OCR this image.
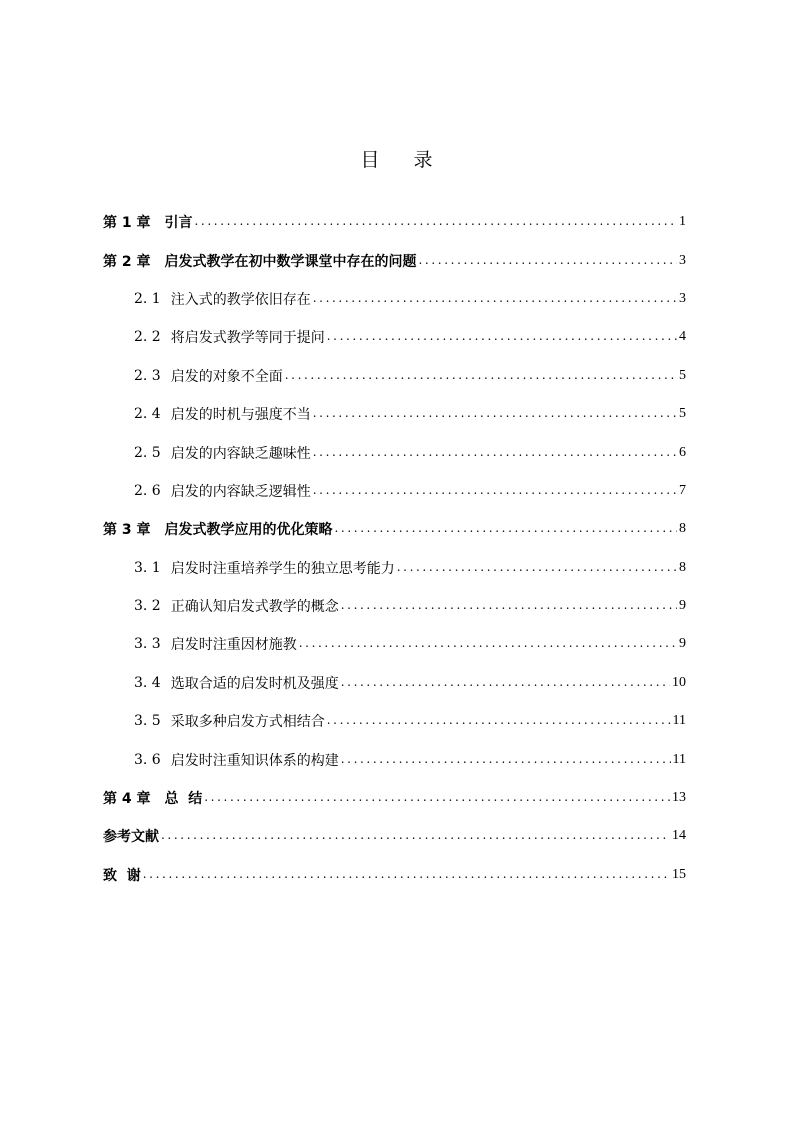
目 录
第 1 章 引言 . . .	1
第 2 章 启发式教学在初中数学课堂中存在的问题 . . .	3
2. 1 注入式的教学依旧存在 . . .	3
2. 2 将启发式教学等同于提问 . . .	4
2. 3 启发的对象不全面 . . .	5
2. 4 启发的时机与强度不当 . . .	5
2. 5 启发的内容缺乏趣味性 . . .	6
2. 6 启发的内容缺乏逻辑性 . . .	7
第 3 章 启发式教学应用的优化策略 . . .	8
3. 1 启发时注重培养学生的独立思考能力 . . .	8
3. 2 正确认知启发式教学的概念 . . .	9
3. 3 启发时注重因材施教 . . .	9
3. 4 选取合适的启发时机及强度 . . .	10
3. 5 采取多种启发方式相结合 . . .	11
3. 6 启发时注重知识体系的构建 . . .	11
第 4 章 总  结 . . .	13
参考文献 . . .	14
致  谢 . . .	15
